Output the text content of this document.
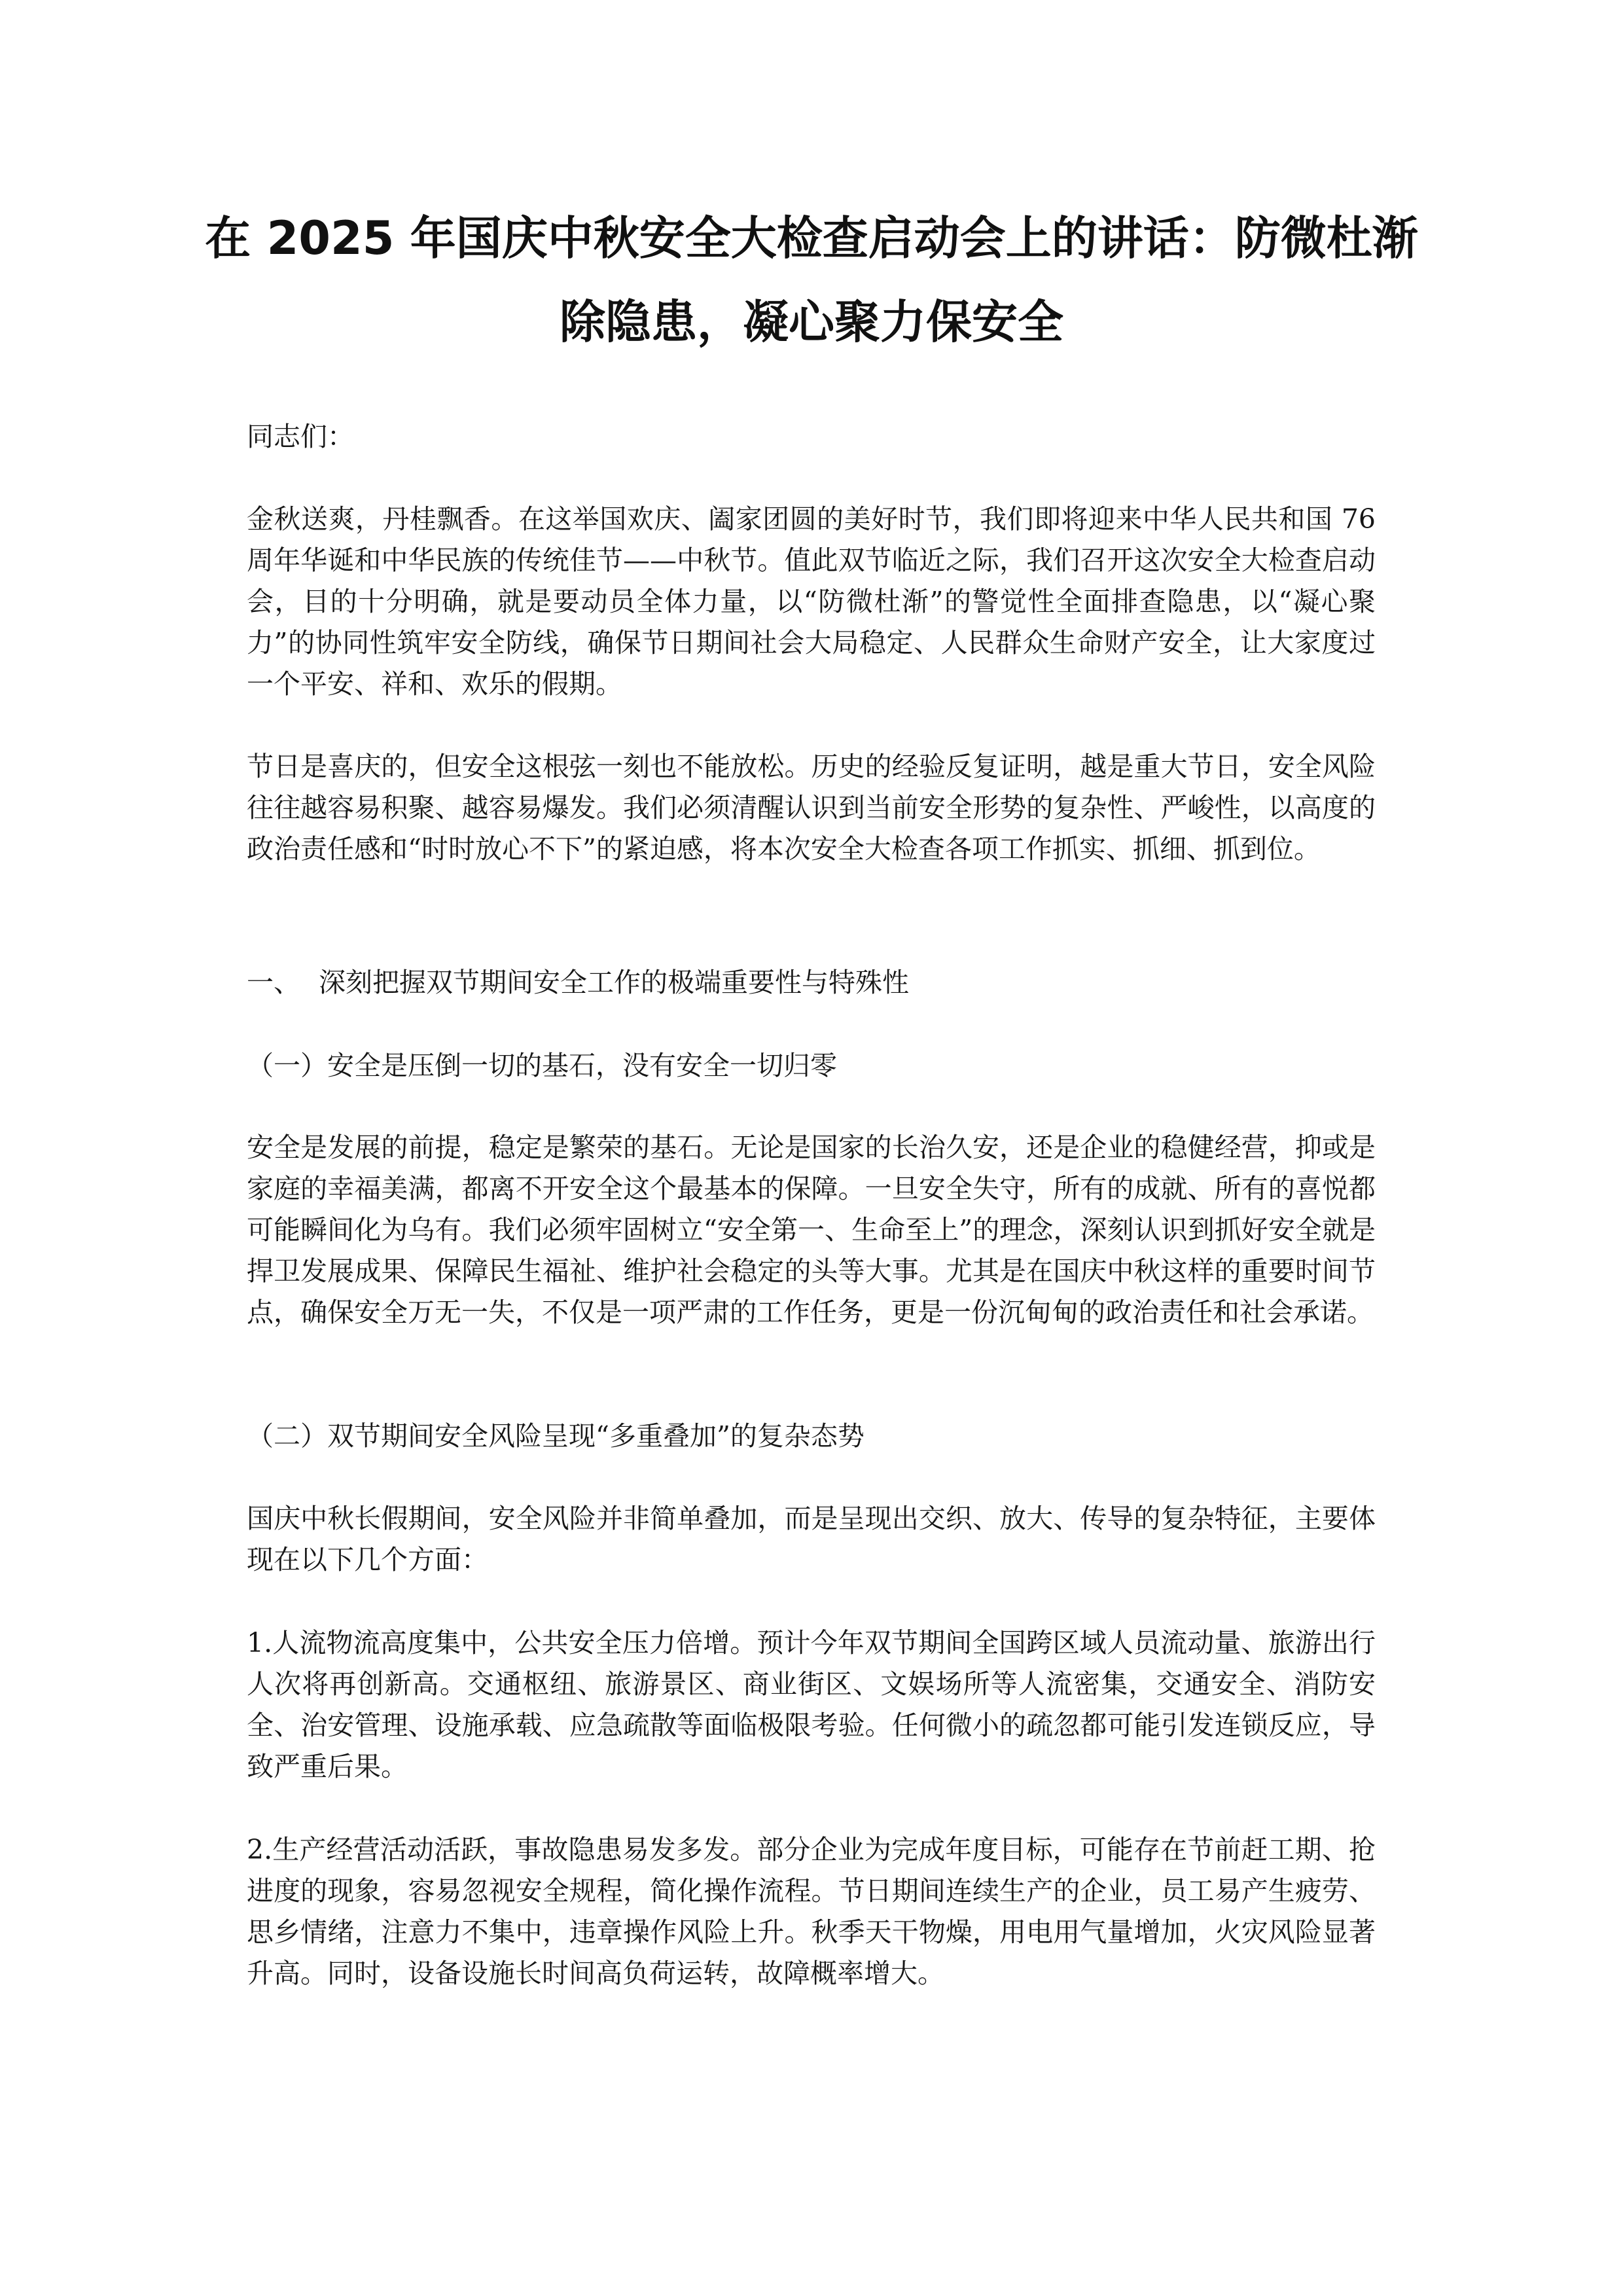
在 2025 年国庆中秋安全大检查启动会上的讲话：防微杜渐除隐患，凝心聚力保安全

同志们：

金秋送爽，丹桂飘香。在这举国欢庆、阖家团圆的美好时节，我们即将迎来中华人民共和国 76 周年华诞和中华民族的传统佳节——中秋节。值此双节临近之际，我们召开这次安全大检查启动会，目的十分明确，就是要动员全体力量，以“防微杜渐”的警觉性全面排查隐患，以“凝心聚力”的协同性筑牢安全防线，确保节日期间社会大局稳定、人民群众生命财产安全，让大家度过一个平安、祥和、欢乐的假期。

节日是喜庆的，但安全这根弦一刻也不能放松。历史的经验反复证明，越是重大节日，安全风险往往越容易积聚、越容易爆发。我们必须清醒认识到当前安全形势的复杂性、严峻性，以高度的政治责任感和“时时放心不下”的紧迫感，将本次安全大检查各项工作抓实、抓细、抓到位。

一、 深刻把握双节期间安全工作的极端重要性与特殊性

（一）安全是压倒一切的基石，没有安全一切归零

安全是发展的前提，稳定是繁荣的基石。无论是国家的长治久安，还是企业的稳健经营，抑或是家庭的幸福美满，都离不开安全这个最基本的保障。一旦安全失守，所有的成就、所有的喜悦都可能瞬间化为乌有。我们必须牢固树立“安全第一、生命至上”的理念，深刻认识到抓好安全就是捍卫发展成果、保障民生福祉、维护社会稳定的头等大事。尤其是在国庆中秋这样的重要时间节点，确保安全万无一失，不仅是一项严肃的工作任务，更是一份沉甸甸的政治责任和社会承诺。

（二）双节期间安全风险呈现“多重叠加”的复杂态势

国庆中秋长假期间，安全风险并非简单叠加，而是呈现出交织、放大、传导的复杂特征，主要体现在以下几个方面：

1.人流物流高度集中，公共安全压力倍增。预计今年双节期间全国跨区域人员流动量、旅游出行人次将再创新高。交通枢纽、旅游景区、商业街区、文娱场所等人流密集，交通安全、消防安全、治安管理、设施承载、应急疏散等面临极限考验。任何微小的疏忽都可能引发连锁反应，导致严重后果。

2.生产经营活动活跃，事故隐患易发多发。部分企业为完成年度目标，可能存在节前赶工期、抢进度的现象，容易忽视安全规程，简化操作流程。节日期间连续生产的企业，员工易产生疲劳、思乡情绪，注意力不集中，违章操作风险上升。秋季天干物燥，用电用气量增加，火灾风险显著升高。同时，设备设施长时间高负荷运转，故障概率增大。
